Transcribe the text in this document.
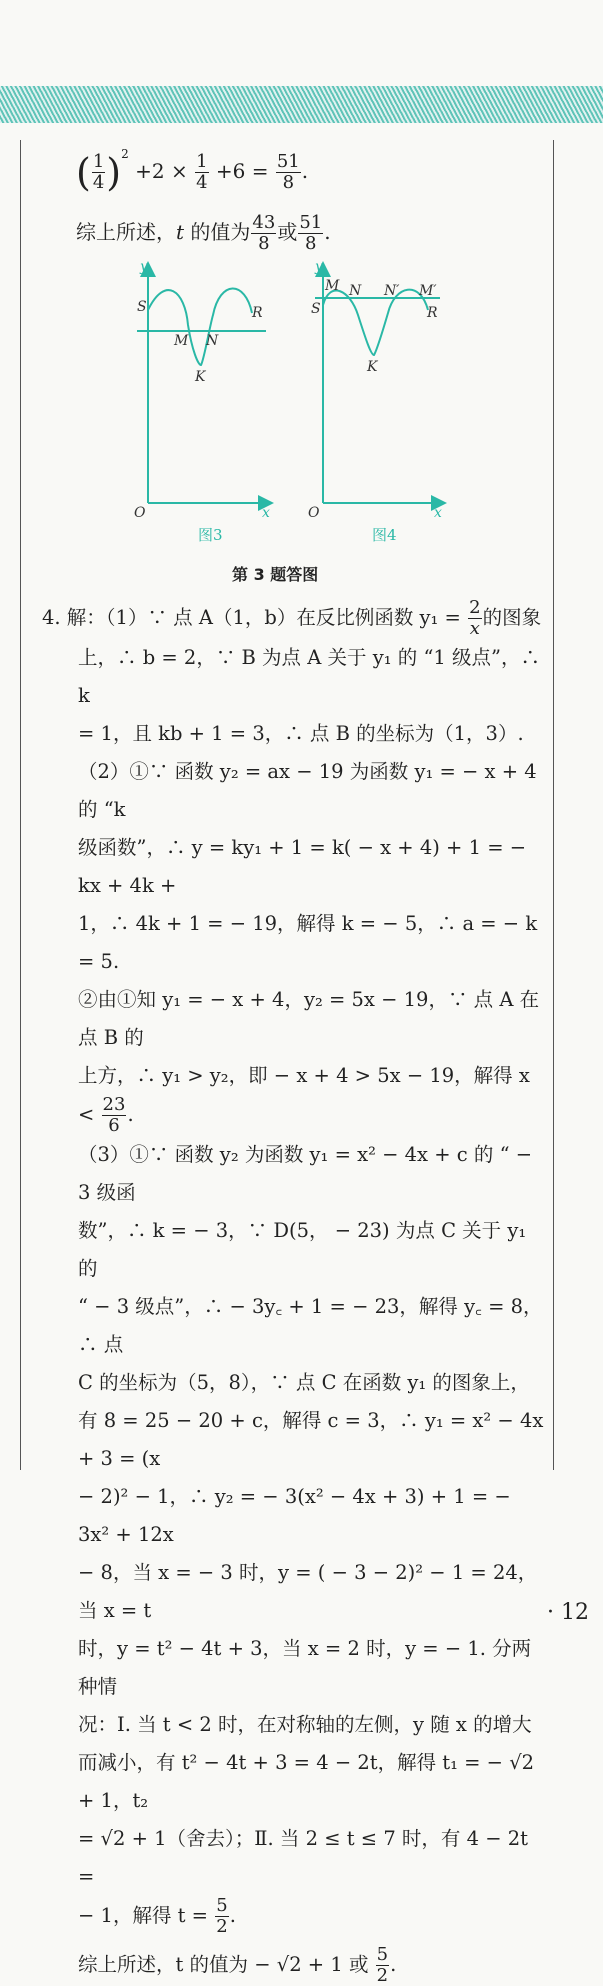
( $\frac{1}{4} )^2 +2 \times \frac{1}{4} +6 = \frac{51}{8}$ .
综上所述，t 的值为 $\frac{43}{8}$ 或 $\frac{51}{8}$ .
y
S	R
M N
K
O	x
y
M N N′ M′
S	R
K
O	x
图3	图4
第 3 题答图
4. 解：（1）∵ 点 A（1，b）在反比例函数 $y_1 = \frac{2}{x}$的图象
上，∴ b = 2，∵ B 为点 A 关于 y₁ 的 “1 级点”，∴ k
= 1，且 kb + 1 = 3，∴ 点 B 的坐标为（1，3）.
（2）①∵ 函数 y₂ = ax − 19 为函数 y₁ = − x + 4 的 “k
级函数”，∴ y = ky₁ + 1 = k( − x + 4) + 1 = − kx + 4k +
1，∴ 4k + 1 = − 19，解得 k = − 5，∴ a = − k = 5.
②由①知 y₁ = − x + 4，y₂ = 5x − 19，∵ 点 A 在点 B 的
上方，∴ y₁ > y₂，即 − x + 4 > 5x − 19，解得 $x < \frac{23}{6}$ .
（3）①∵ 函数 y₂ 为函数 y₁ = x² − 4x + c 的 “ − 3 级函
数”，∴ k = − 3，∵ D(5， − 23) 为点 C 关于 y₁ 的
“ − 3 级点”，∴ − 3y꜀ + 1 = − 23，解得 y꜀ = 8，∴ 点
C 的坐标为（5，8），∵ 点 C 在函数 y₁ 的图象上，
有 8 = 25 − 20 + c，解得 c = 3，∴ y₁ = x² − 4x + 3 = (x
− 2)² − 1，∴ y₂ = − 3(x² − 4x + 3) + 1 = − 3x² + 12x
− 8，当 x = − 3 时，y = ( − 3 − 2)² − 1 = 24，当 x = t
时，y = t² − 4t + 3，当 x = 2 时，y = − 1. 分两种情
况：Ⅰ. 当 t < 2 时，在对称轴的左侧，y 随 x 的增大
而减小，有 t² − 4t + 3 = 4 − 2t，解得 t₁ = − √2 + 1，t₂
= √2 + 1（舍去）；Ⅱ. 当 2 ≤ t ≤ 7 时，有 4 − 2t =
− 1，解得 $t = \frac{5}{2}$ .
综上所述，t 的值为 − √2 + 1 或 $\frac{5}{2}$ .
· 12
